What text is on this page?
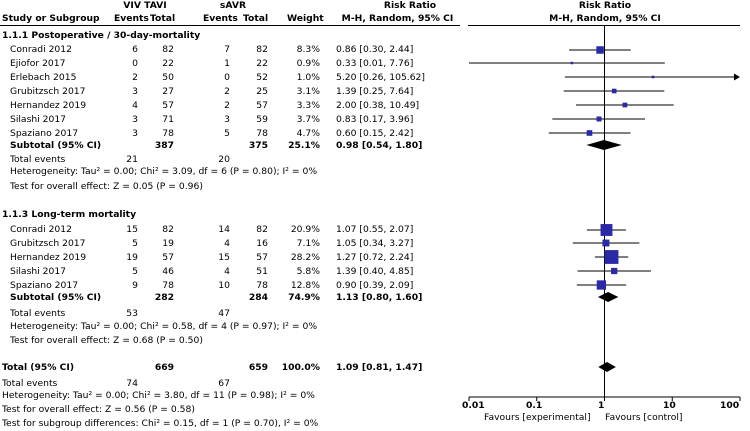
VIV TAVI	sAVR	Risk Ratio	Risk Ratio
Study or Subgroup Events Total	Events Total Weight	M-H, Random, 95% CI	M-H, Random, 95% CI
1.1.1 Postoperative / 30-day-mortality
Conradi 2012	6	82	7	82	8.3% 0.86 [0.30, 2.44]
Ejiofor 2017	0	22	1	22	0.9% 0.33 [0.01, 7.76]
Erlebach 2015	2	50	0	52	1.0% 5.20 [0.26, 105.62]
Grubitzsch 2017	3	27	2	25	3.1% 1.39 [0.25, 7.64]
Hernandez 2019	4	57	2	57	3.3% 2.00 [0.38, 10.49]
Silashi 2017	3	71	3	59	3.7% 0.83 [0.17, 3.96]
Spaziano 2017	3	78	5	78	4.7% 0.60 [0.15, 2.42]
Subtotal (95% CI)	387	375	25.1% 0.98 [0.54, 1.80]
Total events	21	20
Heterogeneity: Tau² = 0.00; Chi² = 3.09, df = 6 (P = 0.80); I² = 0%
Test for overall effect: Z = 0.05 (P = 0.96)
1.1.3 Long-term mortality
Conradi 2012	15	82	14	82	20.9% 1.07 [0.55, 2.07]
Grubitzsch 2017	5	19	4	16	7.1% 1.05 [0.34, 3.27]
Hernandez 2019	19	57	15	57	28.2% 1.27 [0.72, 2.24]
Silashi 2017	5	46	4	51	5.8% 1.39 [0.40, 4.85]
Spaziano 2017	9	78	10	78	12.8% 0.90 [0.39, 2.09]
Subtotal (95% CI)	282	284	74.9% 1.13 [0.80, 1.60]
Total events	53	47
Heterogeneity: Tau² = 0.00; Chi² = 0.58, df = 4 (P = 0.97); I² = 0%
Test for overall effect: Z = 0.68 (P = 0.50)
Total (95% CI)	669	659 100.0% 1.09 [0.81, 1.47]
Total events	74	67
Heterogeneity: Tau² = 0.00; Chi² = 3.80, df = 11 (P = 0.98); I² = 0%
Test for overall effect: Z = 0.56 (P = 0.58)
Test for subgroup differences: Chi² = 0.15, df = 1 (P = 0.70), I² = 0%
0.01	0.1	1	10	100
Favours [experimental] Favours [control]
